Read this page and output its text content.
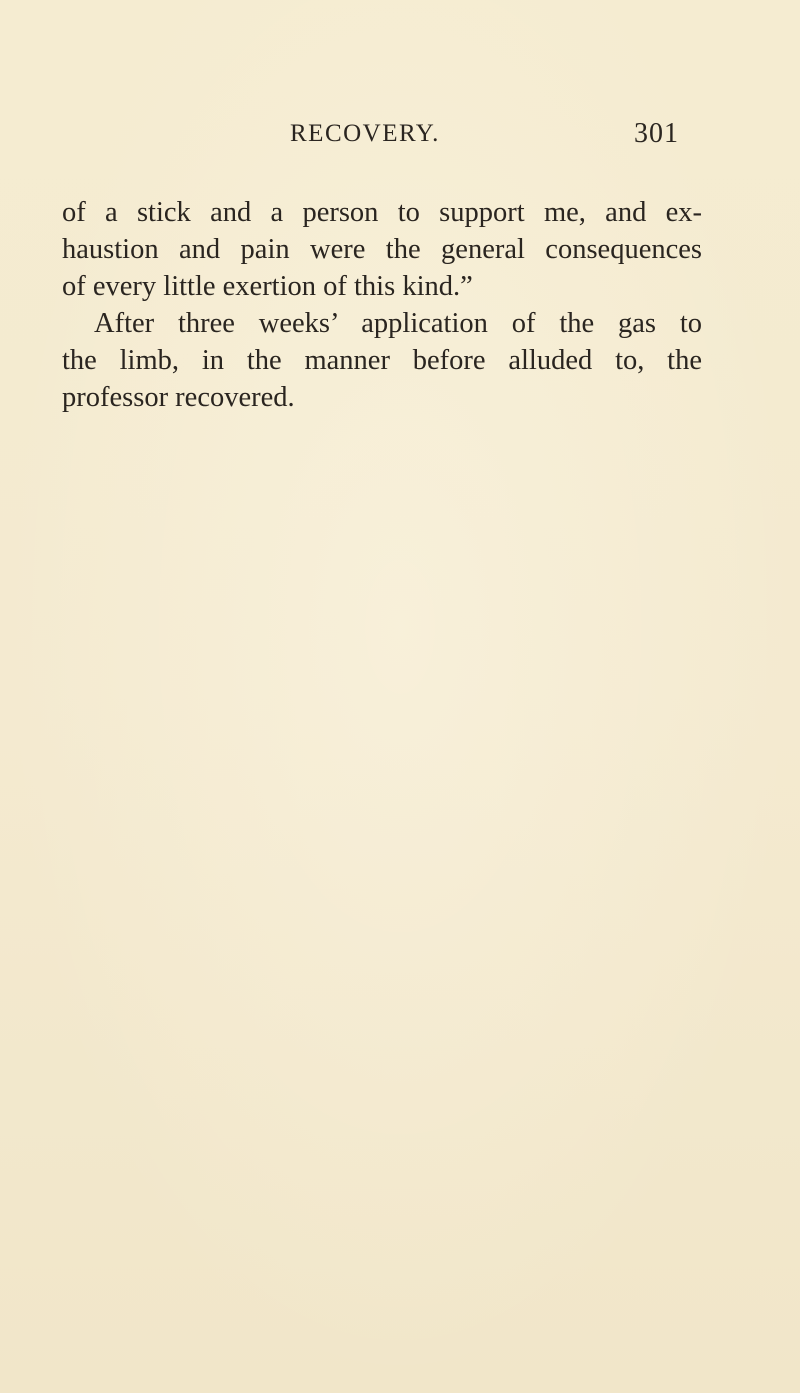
RECOVERY.	301
of a stick and a person to support me, and ex-
haustion and pain were the general consequences
of every little exertion of this kind.”
After three weeks’ application of the gas to
the limb, in the manner before alluded to, the
professor recovered.
